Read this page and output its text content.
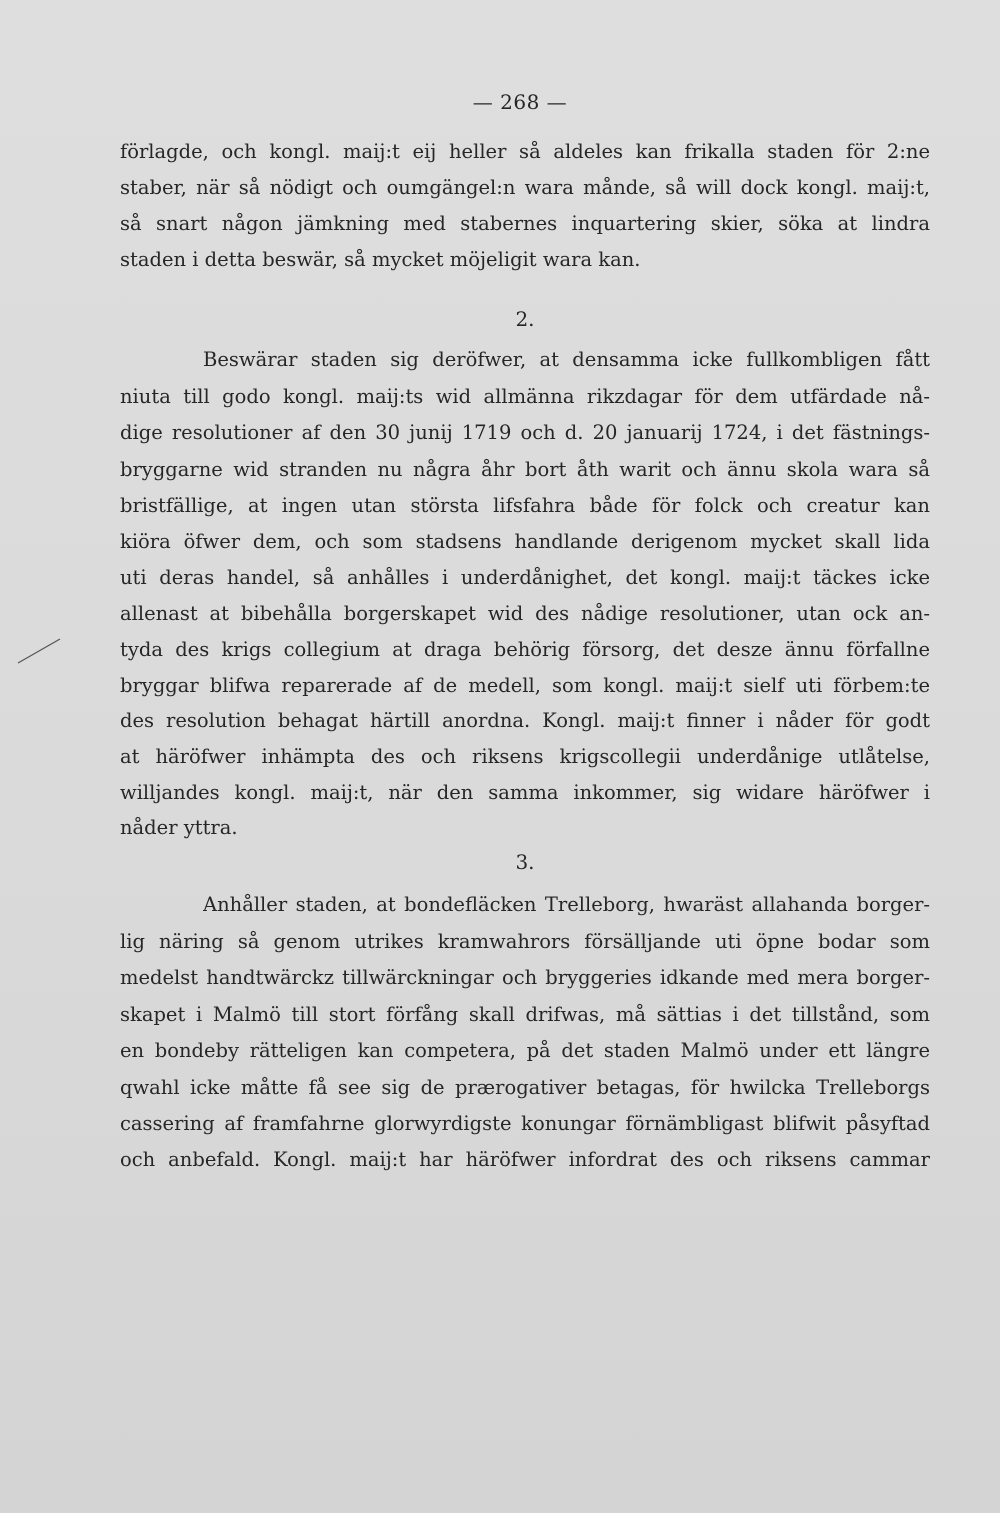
— 268 —
förlagde, och kongl. maij:t eij heller så aldeles kan frikalla staden för 2:ne
staber, när så nödigt och oumgängel:n wara månde, så will dock kongl. maij:t,
så snart någon jämkning med stabernes inquartering skier, söka at lindra
staden i detta beswär, så mycket möjeligit wara kan.
2.
Beswärar staden sig deröfwer, at densamma icke fullkombligen fått
niuta till godo kongl. maij:ts wid allmänna rikzdagar för dem utfärdade nå-
dige resolutioner af den 30 junij 1719 och d. 20 januarij 1724, i det fästnings-
bryggarne wid stranden nu några åhr bort åth warit och ännu skola wara så
bristfällige, at ingen utan största lifsfahra både för folck och creatur kan
kiöra öfwer dem, och som stadsens handlande derigenom mycket skall lida
uti deras handel, så anhålles i underdånighet, det kongl. maij:t täckes icke
allenast at bibehålla borgerskapet wid des nådige resolutioner, utan ock an-
tyda des krigs collegium at draga behörig försorg, det desze ännu förfallne
bryggar blifwa reparerade af de medell, som kongl. maij:t sielf uti förbem:te
des resolution behagat härtill anordna. Kongl. maij:t finner i nåder för godt
at häröfwer inhämpta des och riksens krigscollegii underdånige utlåtelse,
willjandes kongl. maij:t, när den samma inkommer, sig widare häröfwer i
nåder yttra.
3.
Anhåller staden, at bondefläcken Trelleborg, hwaräst allahanda borger-
lig näring så genom utrikes kramwahrors försälljande uti öpne bodar som
medelst handtwärckz tillwärckningar och bryggeries idkande med mera borger-
skapet i Malmö till stort förfång skall drifwas, må sättias i det tillstånd, som
en bondeby rätteligen kan competera, på det staden Malmö under ett längre
qwahl icke måtte få see sig de prærogativer betagas, för hwilcka Trelleborgs
cassering af framfahrne glorwyrdigste konungar förnämbligast blifwit påsyftad
och anbefald. Kongl. maij:t har häröfwer infordrat des och riksens cammar
